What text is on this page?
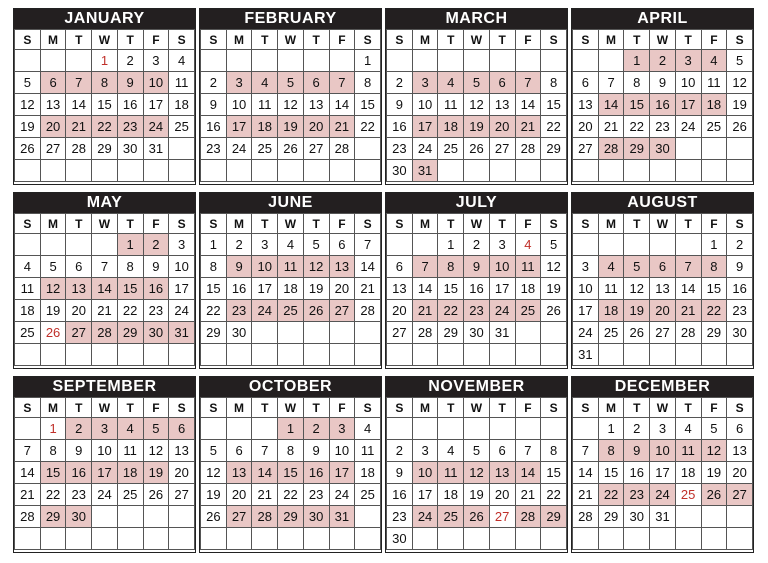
JANUARY
S	M	T	W	T	F	S
			1	2	3	4
5	6	7	8	9	10	11
12	13	14	15	16	17	18
19	20	21	22	23	24	25
26	27	28	29	30	31	

FEBRUARY
S	M	T	W	T	F	S
						1
2	3	4	5	6	7	8
9	10	11	12	13	14	15
16	17	18	19	20	21	22
23	24	25	26	27	28	

MARCH
S	M	T	W	T	F	S

2	3	4	5	6	7	8
9	10	11	12	13	14	15
16	17	18	19	20	21	22
23	24	25	26	27	28	29
30	31					
APRIL
S	M	T	W	T	F	S
		1	2	3	4	5
6	7	8	9	10	11	12
13	14	15	16	17	18	19
20	21	22	23	24	25	26
27	28	29	30			

MAY
S	M	T	W	T	F	S
				1	2	3
4	5	6	7	8	9	10
11	12	13	14	15	16	17
18	19	20	21	22	23	24
25	26	27	28	29	30	31

JUNE
S	M	T	W	T	F	S
1	2	3	4	5	6	7
8	9	10	11	12	13	14
15	16	17	18	19	20	21
22	23	24	25	26	27	28
29	30					

JULY
S	M	T	W	T	F	S
		1	2	3	4	5
6	7	8	9	10	11	12
13	14	15	16	17	18	19
20	21	22	23	24	25	26
27	28	29	30	31		

AUGUST
S	M	T	W	T	F	S
					1	2
3	4	5	6	7	8	9
10	11	12	13	14	15	16
17	18	19	20	21	22	23
24	25	26	27	28	29	30
31						
SEPTEMBER
S	M	T	W	T	F	S
	1	2	3	4	5	6
7	8	9	10	11	12	13
14	15	16	17	18	19	20
21	22	23	24	25	26	27
28	29	30				

OCTOBER
S	M	T	W	T	F	S
			1	2	3	4
5	6	7	8	9	10	11
12	13	14	15	16	17	18
19	20	21	22	23	24	25
26	27	28	29	30	31	

NOVEMBER
S	M	T	W	T	F	S

2	3	4	5	6	7	8
9	10	11	12	13	14	15
16	17	18	19	20	21	22
23	24	25	26	27	28	29
30						
DECEMBER
S	M	T	W	T	F	S
	1	2	3	4	5	6
7	8	9	10	11	12	13
14	15	16	17	18	19	20
21	22	23	24	25	26	27
28	29	30	31			
